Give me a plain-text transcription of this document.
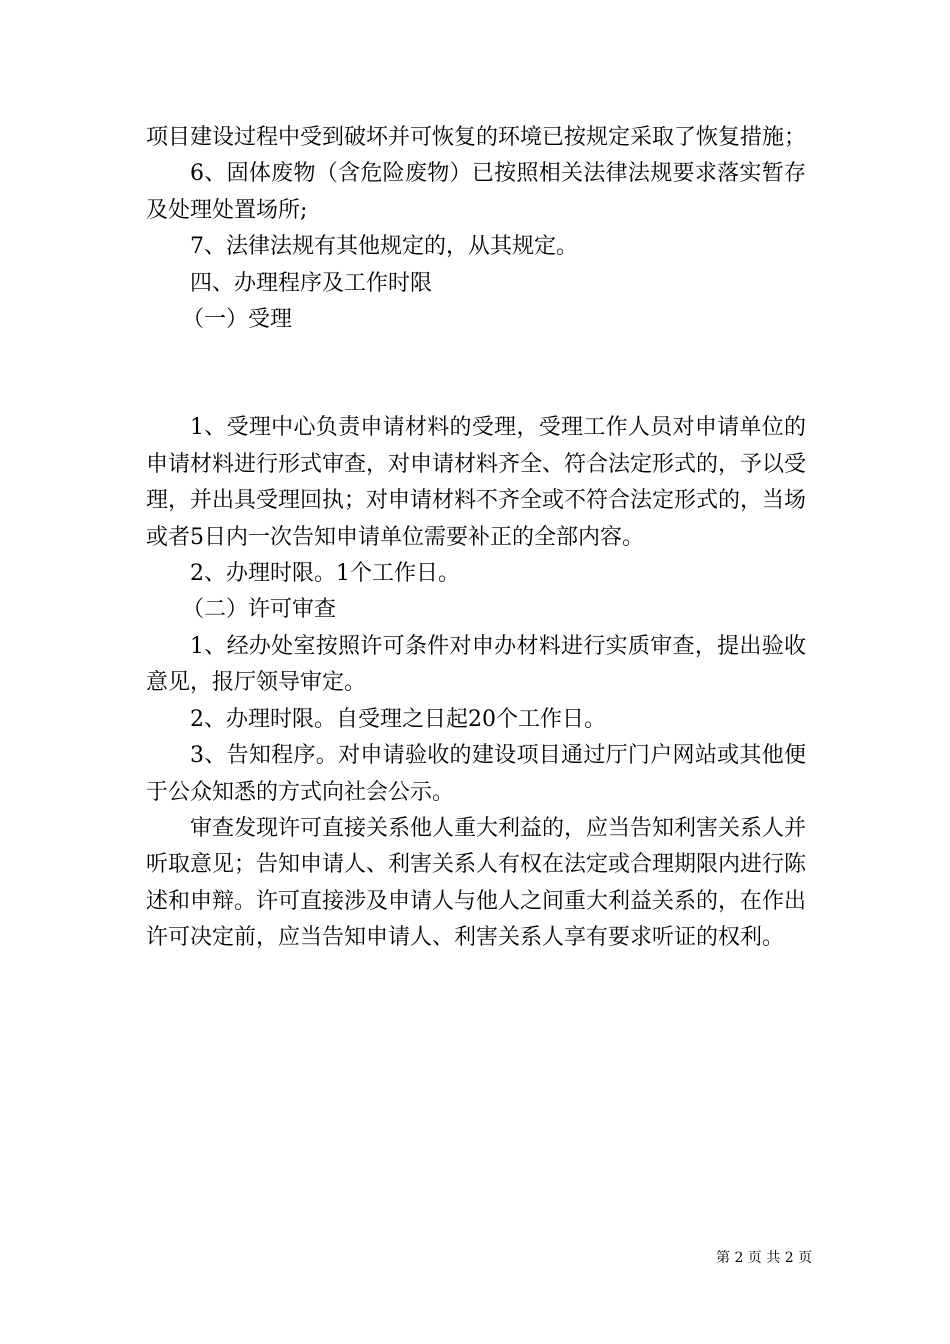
项目建设过程中受到破坏并可恢复的环境已按规定采取了恢复措施；

6、固体废物（含危险废物）已按照相关法律法规要求落实暂存及处理处置场所;

7、法律法规有其他规定的，从其规定。

四、办理程序及工作时限

（一）受理

1、受理中心负责申请材料的受理，受理工作人员对申请单位的申请材料进行形式审查，对申请材料齐全、符合法定形式的，予以受理，并出具受理回执；对申请材料不齐全或不符合法定形式的，当场或者5日内一次告知申请单位需要补正的全部内容。

2、办理时限。1个工作日。

（二）许可审查

1、经办处室按照许可条件对申办材料进行实质审查，提出验收意见，报厅领导审定。

2、办理时限。自受理之日起20个工作日。

3、告知程序。对申请验收的建设项目通过厅门户网站或其他便于公众知悉的方式向社会公示。

审查发现许可直接关系他人重大利益的，应当告知利害关系人并听取意见；告知申请人、利害关系人有权在法定或合理期限内进行陈述和申辩。许可直接涉及申请人与他人之间重大利益关系的，在作出许可决定前，应当告知申请人、利害关系人享有要求听证的权利。

第 2 页 共 2 页
